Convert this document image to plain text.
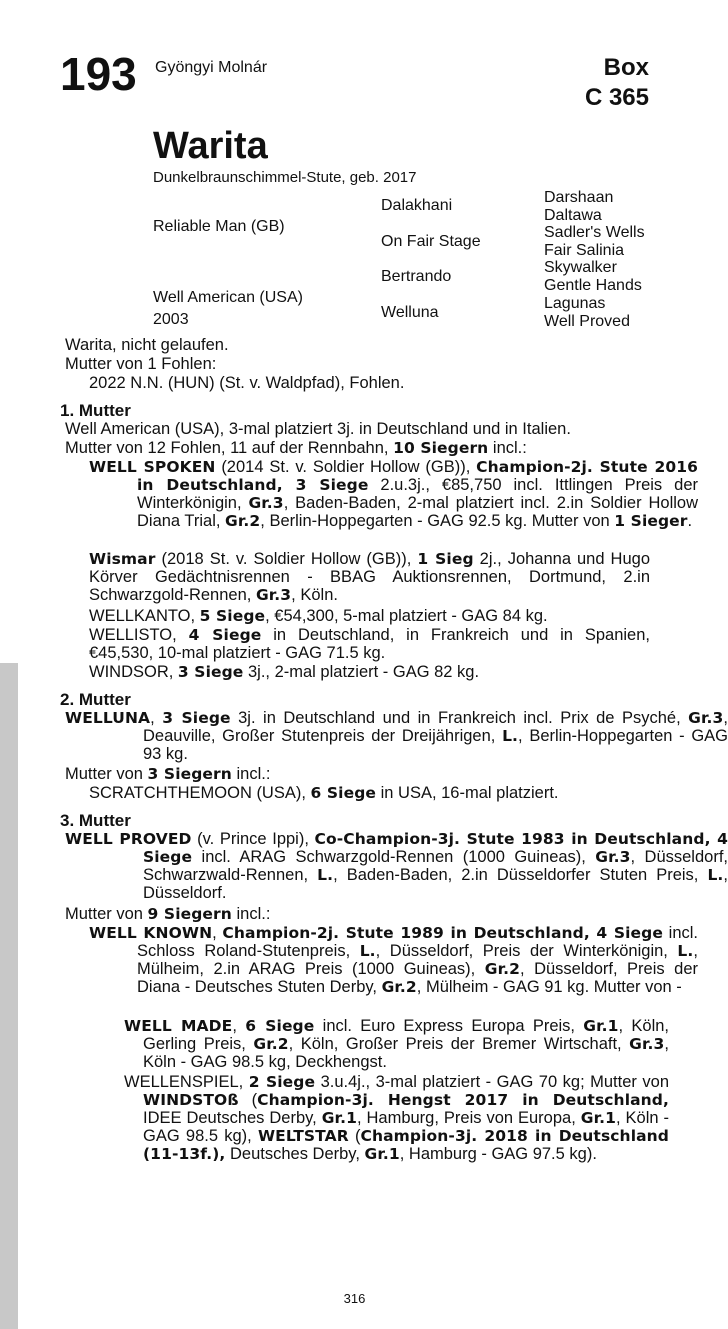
193 Gyöngyi Molnár	Box
C 365
Warita
Dunkelbraunschimmel-Stute, geb. 2017
Reliable Man (GB)
Well American (USA)
2003
Dalakhani
On Fair Stage
Bertrando
Welluna
Darshaan
Daltawa
Sadler's Wells
Fair Salinia
Skywalker
Gentle Hands
Lagunas
Well Proved
Warita, nicht gelaufen.
Mutter von 1 Fohlen:
2022 N.N. (HUN) (St. v. Waldpfad), Fohlen.
1. Mutter
Well American (USA), 3-mal platziert 3j. in Deutschland und in Italien.
Mutter von 12 Fohlen, 11 auf der Rennbahn, 10 Siegern incl.:
WELL SPOKEN (2014 St. v. Soldier Hollow (GB)), Champion-2j. Stute 2016 in Deutschland, 3 Siege 2.u.3j., €85,750 incl. Ittlingen Preis der Winterkönigin, Gr.3, Baden-Baden, 2-mal platziert incl. 2.in Soldier Hollow Diana Trial, Gr.2, Berlin-Hoppegarten - GAG 92.5 kg. Mutter von 1 Sieger.
Wismar (2018 St. v. Soldier Hollow (GB)), 1 Sieg 2j., Johanna und Hugo Körver Gedächtnisrennen - BBAG Auktionsrennen, Dortmund, 2.in Schwarzgold-Rennen, Gr.3, Köln.
WELLKANTO, 5 Siege, €54,300, 5-mal platziert - GAG 84 kg.
WELLISTO, 4 Siege in Deutschland, in Frankreich und in Spanien, €45,530, 10-mal platziert - GAG 71.5 kg.
WINDSOR, 3 Siege 3j., 2-mal platziert - GAG 82 kg.
2. Mutter
WELLUNA, 3 Siege 3j. in Deutschland und in Frankreich incl. Prix de Psyché, Gr.3, Deauville, Großer Stutenpreis der Dreijährigen, L., Berlin-Hoppegarten - GAG 93 kg.
Mutter von 3 Siegern incl.:
SCRATCHTHEMOON (USA), 6 Siege in USA, 16-mal platziert.
3. Mutter
WELL PROVED (v. Prince Ippi), Co-Champion-3j. Stute 1983 in Deutschland, 4 Siege incl. ARAG Schwarzgold-Rennen (1000 Guineas), Gr.3, Düsseldorf, Schwarzwald-Rennen, L., Baden-Baden, 2.in Düsseldorfer Stuten Preis, L., Düsseldorf.
Mutter von 9 Siegern incl.:
WELL KNOWN, Champion-2j. Stute 1989 in Deutschland, 4 Siege incl. Schloss Roland-Stutenpreis, L., Düsseldorf, Preis der Winterkönigin, L., Mülheim, 2.in ARAG Preis (1000 Guineas), Gr.2, Düsseldorf, Preis der Diana - Deutsches Stuten Derby, Gr.2, Mülheim - GAG 91 kg. Mutter von -
WELL MADE, 6 Siege incl. Euro Express Europa Preis, Gr.1, Köln, Gerling Preis, Gr.2, Köln, Großer Preis der Bremer Wirtschaft, Gr.3, Köln - GAG 98.5 kg, Deckhengst.
WELLENSPIEL, 2 Siege 3.u.4j., 3-mal platziert - GAG 70 kg; Mutter von WINDSTOß (Champion-3j. Hengst 2017 in Deutschland, IDEE Deutsches Derby, Gr.1, Hamburg, Preis von Europa, Gr.1, Köln - GAG 98.5 kg), WELTSTAR (Champion-3j. 2018 in Deutschland (11-13f.), Deutsches Derby, Gr.1, Hamburg - GAG 97.5 kg).
316
